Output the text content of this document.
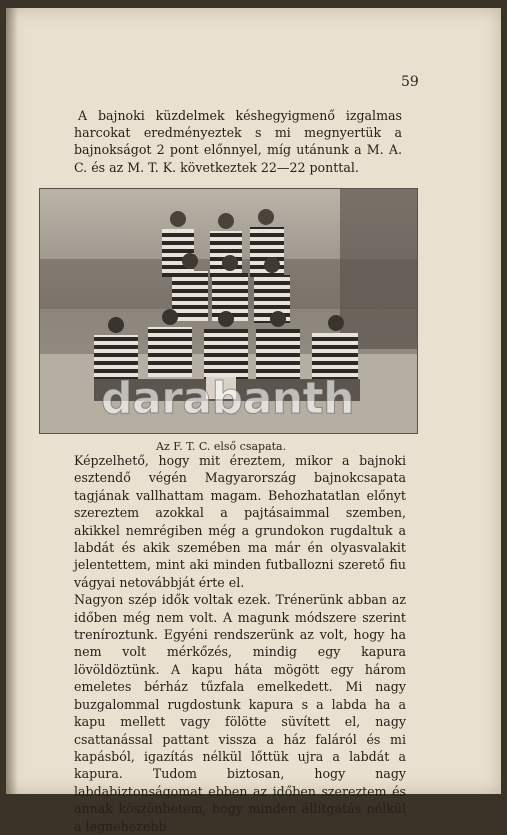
59

A bajnoki küzdelmek késhegyigmenő izgalmas harcokat eredményeztek s mi megnyertük a bajnokságot 2 pont előnnyel, míg utánunk a M. A. C. és az M. T. K. következtek 22—22 ponttal.

Az F. T. C. első csapata.

Képzelhető, hogy mit éreztem, mikor a bajnoki esztendő végén Magyarország bajnokcsapata tagjának vallhattam magam. Behozhatatlan előnyt szereztem azokkal a pajtásaimmal szemben, akikkel nemrégiben még a grundokon rugdaltuk a labdát és akik szemében ma már én olyasvalakit jelentettem, mint aki minden futballozni szerető fiu vágyai netovábbját érte el.

Nagyon szép idők voltak ezek. Trénerünk abban az időben még nem volt. A magunk módszere szerint treníroztunk. Egyéni rendszerünk az volt, hogy ha nem volt mérkőzés, mindig egy kapura lövöldöztünk. A kapu háta mögött egy három emeletes bérház tűzfala emelkedett. Mi nagy buzgalommal rugdostunk kapura s a labda ha a kapu mellett vagy fölötte süvített el, nagy csattanással pattant vissza a ház faláról és mi kapásból, igazítás nélkül lőttük ujra a labdát a kapura. Tudom biztosan, hogy nagy labdabiztonságomat ebben az időben szereztem és annak köszönhetem, hogy minden állítgatás nélkül a legnehezebb

darabanth
